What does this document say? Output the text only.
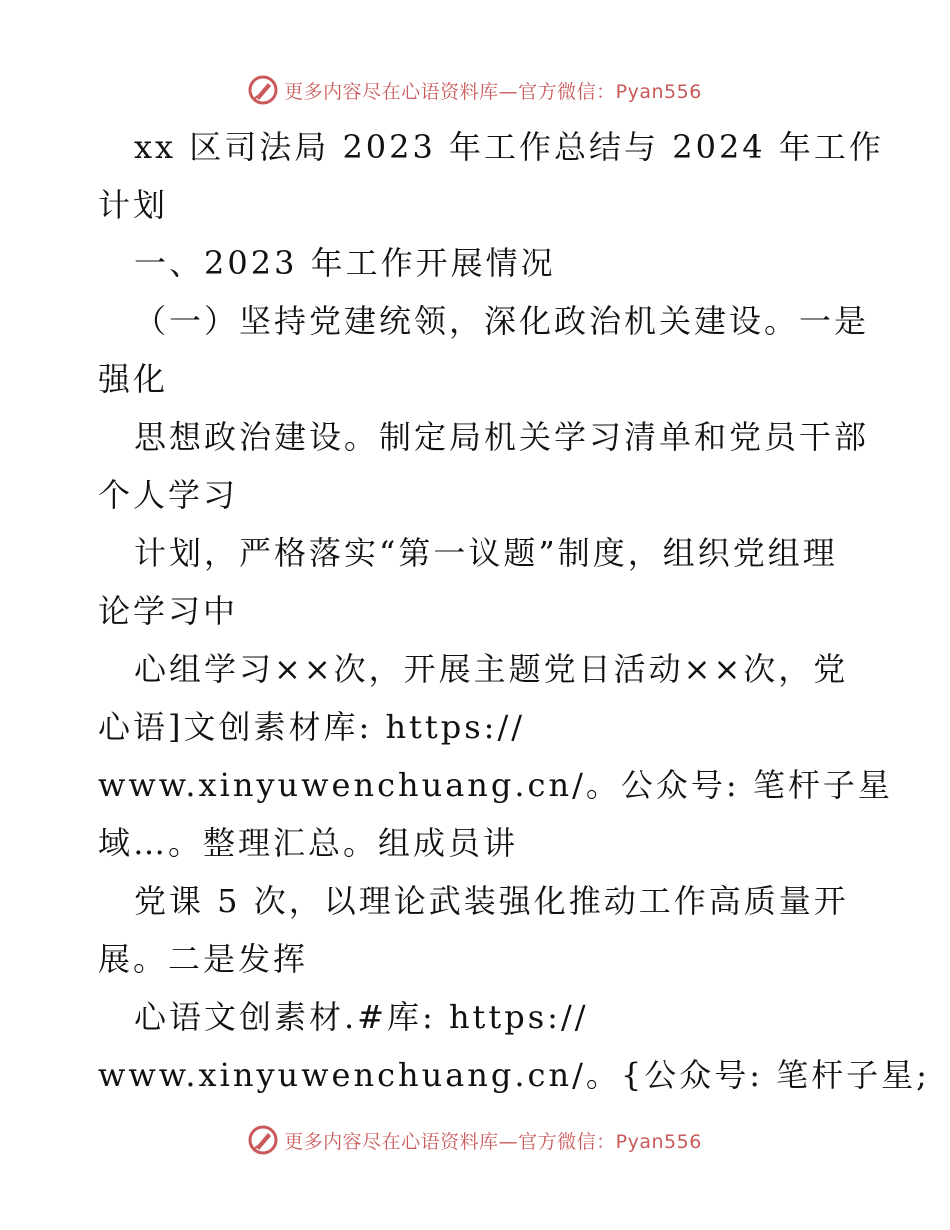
更多内容尽在心语资料库—官方微信：Pyan556
xx 区司法局 2023 年工作总结与 2024 年工作
计划
一、2023 年工作开展情况
（一）坚持党建统领，深化政治机关建设。一是
强化
思想政治建设。制定局机关学习清单和党员干部
个人学习
计划，严格落实“第一议题”制度，组织党组理
论学习中
心组学习××次，开展主题党日活动××次，党
心语]文创素材库: https://
www.xinyuwenchuang.cn/。公众号: 笔杆子星
域…。整理汇总。组成员讲
党课 5 次，以理论武装强化推动工作高质量开
展。二是发挥
心语文创素材.#库: https://
www.xinyuwenchuang.cn/。{公众号: 笔杆子星;
更多内容尽在心语资料库—官方微信：Pyan556
